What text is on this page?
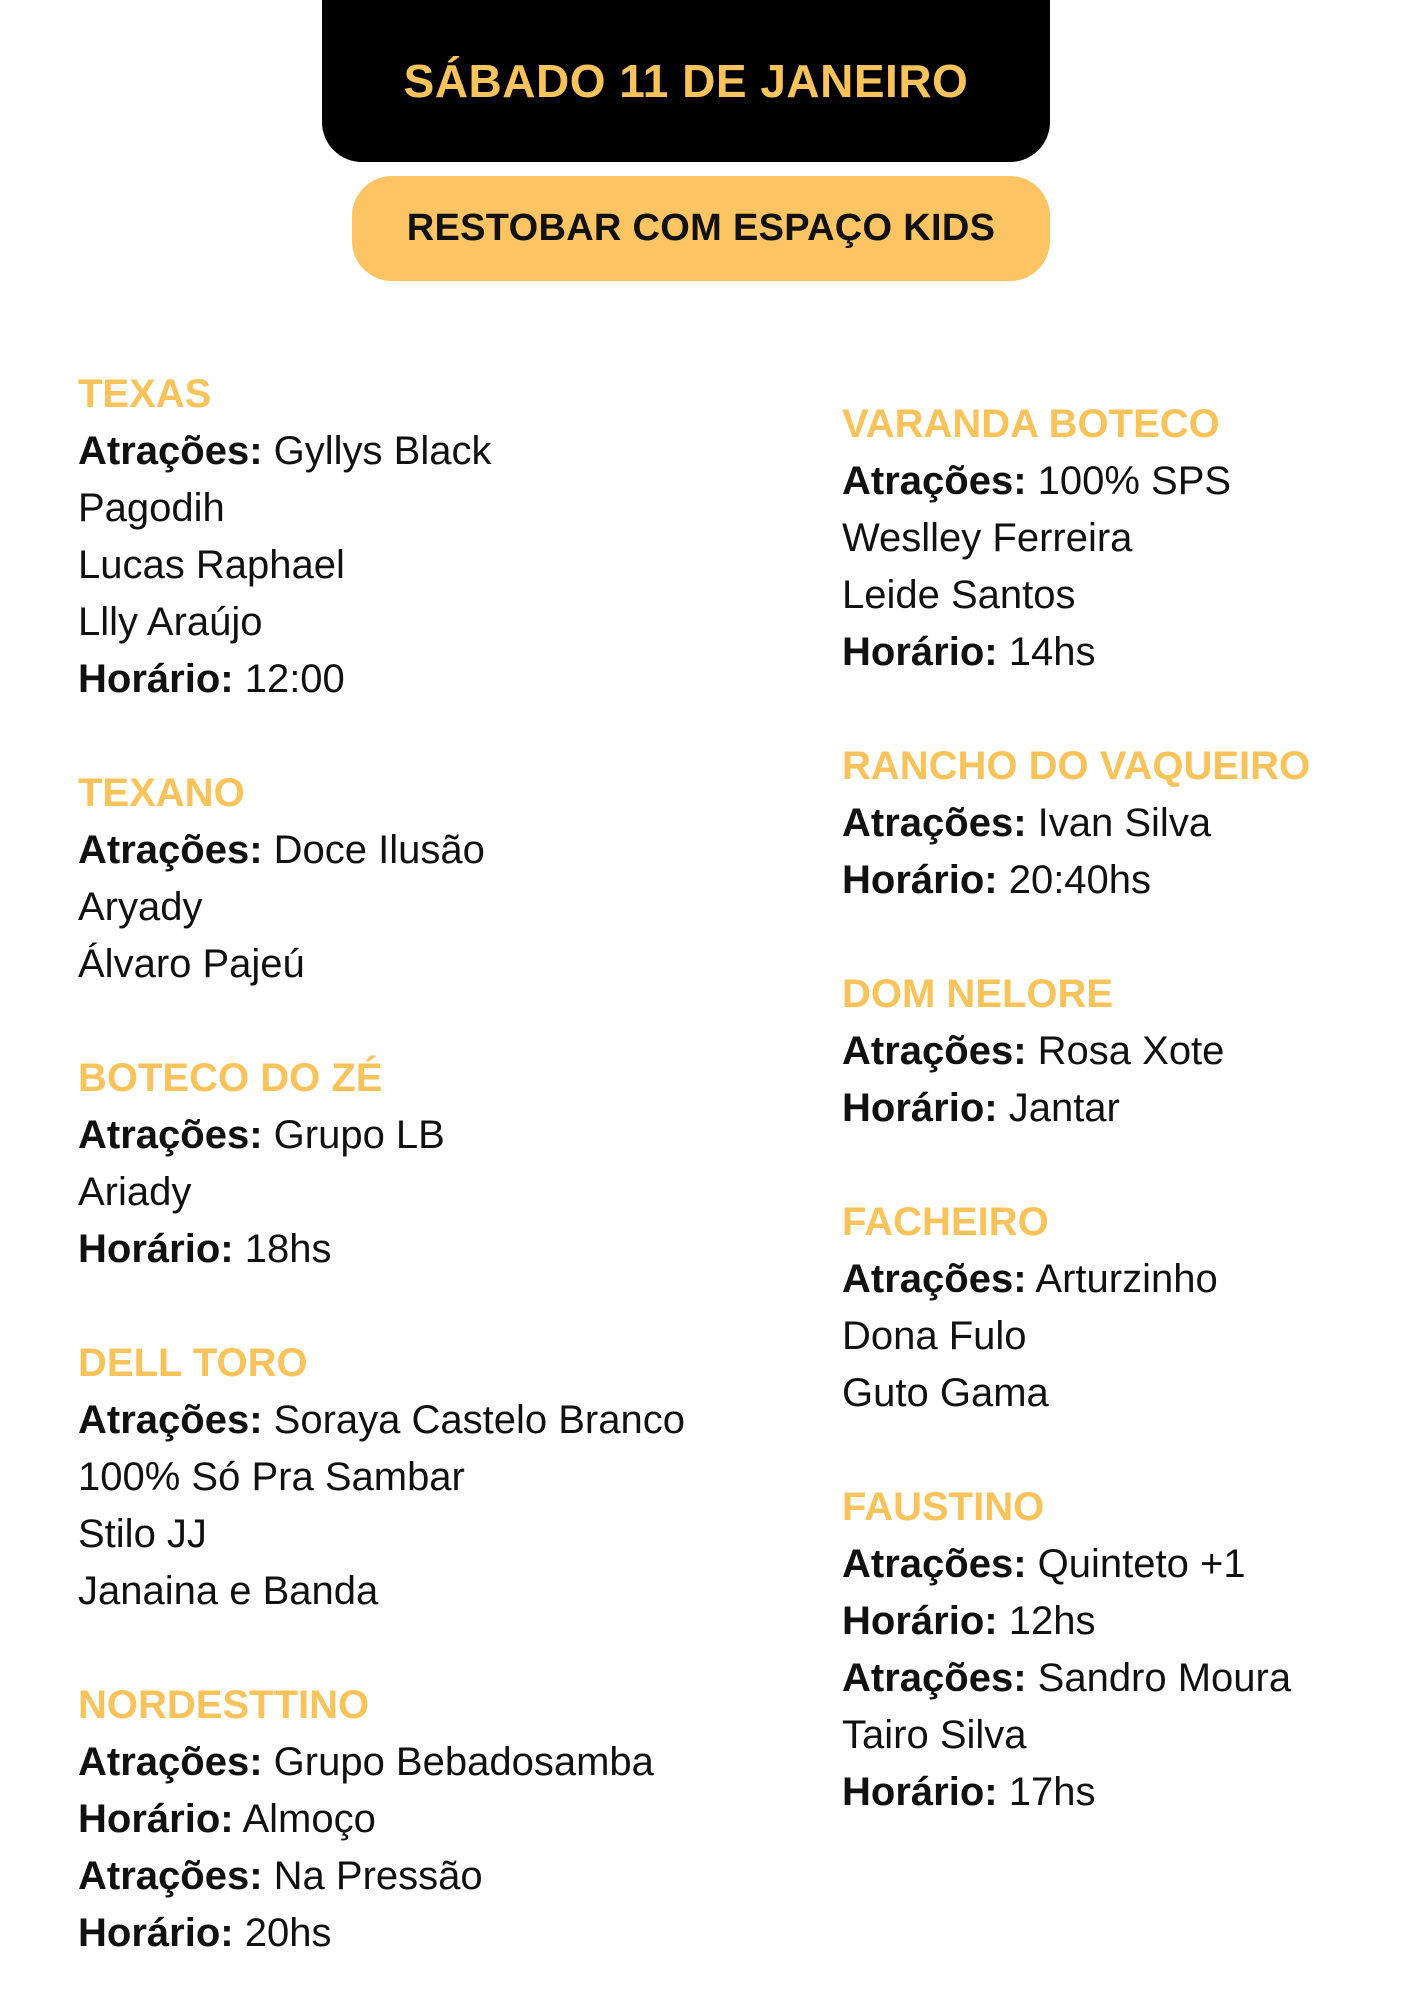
SÁBADO 11 DE JANEIRO
RESTOBAR COM ESPAÇO KIDS
TEXAS
Atrações: Gyllys Black
Pagodih
Lucas Raphael
Llly Araújo
Horário: 12:00
TEXANO
Atrações: Doce Ilusão
Aryady
Álvaro Pajeú
BOTECO DO ZÉ
Atrações: Grupo LB
Ariady
Horário: 18hs
DELL TORO
Atrações: Soraya Castelo Branco
100% Só Pra Sambar
Stilo JJ
Janaina e Banda
NORDESTTINO
Atrações: Grupo Bebadosamba
Horário: Almoço
Atrações: Na Pressão
Horário: 20hs
VARANDA BOTECO
Atrações: 100% SPS
Weslley Ferreira
Leide Santos
Horário: 14hs
RANCHO DO VAQUEIRO
Atrações: Ivan Silva
Horário: 20:40hs
DOM NELORE
Atrações: Rosa Xote
Horário: Jantar
FACHEIRO
Atrações: Arturzinho
Dona Fulo
Guto Gama
FAUSTINO
Atrações: Quinteto +1
Horário: 12hs
Atrações: Sandro Moura
Tairo Silva
Horário: 17hs
